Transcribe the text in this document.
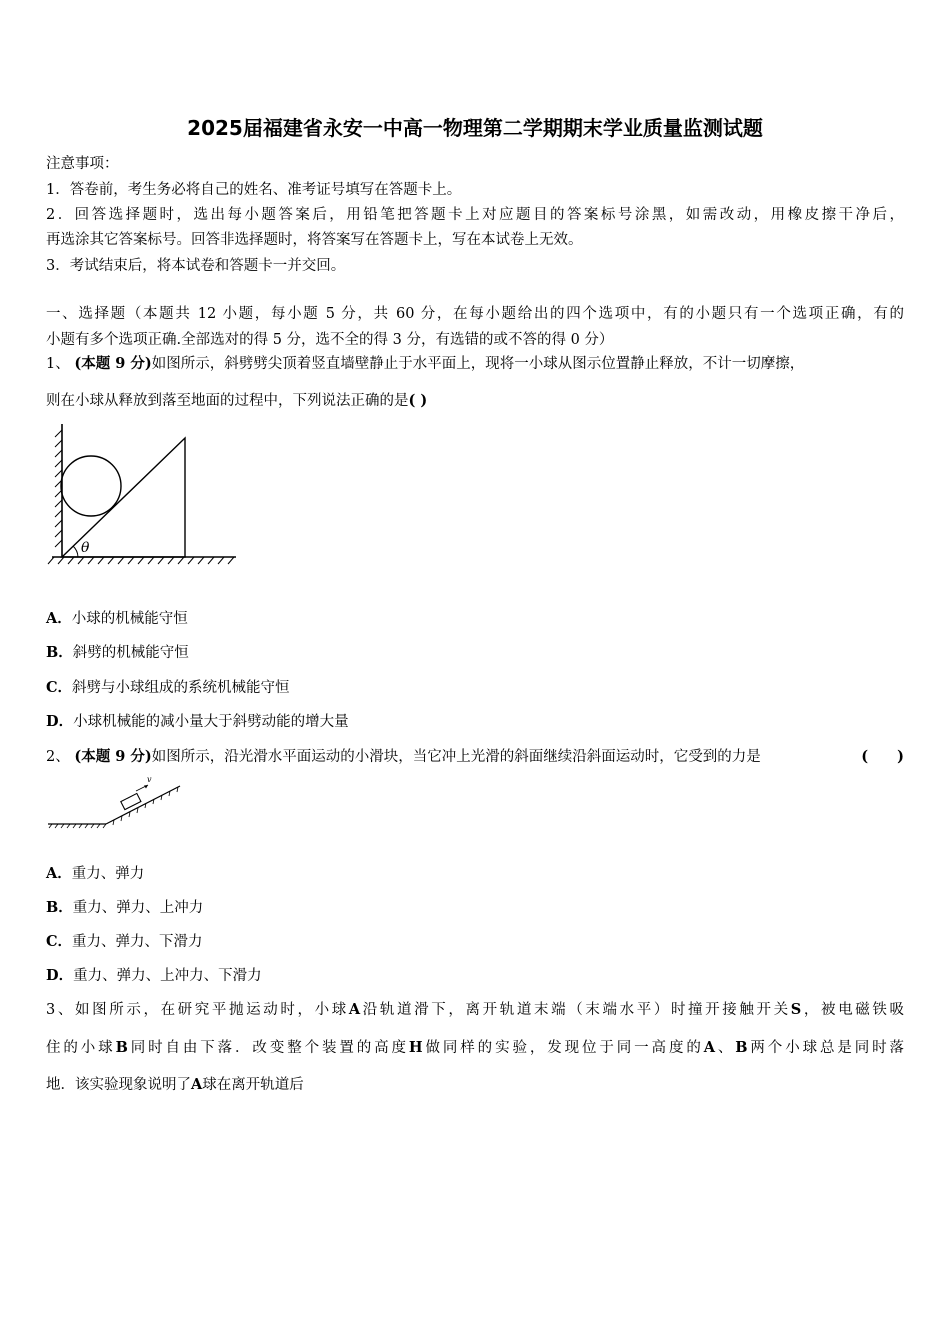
2025届福建省永安一中高一物理第二学期期末学业质量监测试题
注意事项：
1．答卷前，考生务必将自己的姓名、准考证号填写在答题卡上。
2．回答选择题时，选出每小题答案后，用铅笔把答题卡上对应题目的答案标号涂黑，如需改动，用橡皮擦干净后，
再选涂其它答案标号。回答非选择题时，将答案写在答题卡上，写在本试卷上无效。
3．考试结束后，将本试卷和答题卡一并交回。
一、选择题（本题共 12 小题，每小题 5 分，共 60 分，在每小题给出的四个选项中，有的小题只有一个选项正确，有的
小题有多个选项正确.全部选对的得 5 分，选不全的得 3 分，有选错的或不答的得 0 分）
1、 (本题 9 分)如图所示，斜劈劈尖顶着竖直墙壁静止于水平面上，现将一小球从图示位置静止释放，不计一切摩擦，
则在小球从释放到落至地面的过程中，下列说法正确的是( )
θ
A．小球的机械能守恒
B．斜劈的机械能守恒
C．斜劈与小球组成的系统机械能守恒
D．小球机械能的减小量大于斜劈动能的增大量
2、 (本题 9 分)如图所示，沿光滑水平面运动的小滑块，当它冲上光滑的斜面继续沿斜面运动时，它受到的力是	(　　)
v
A．重力、弹力
B．重力、弹力、上冲力
C．重力、弹力、下滑力
D．重力、弹力、上冲力、下滑力
3、如图所示，在研究平抛运动时，小球A沿轨道滑下，离开轨道末端（末端水平）时撞开接触开关S，被电磁铁吸
住的小球B同时自由下落．改变整个装置的高度H做同样的实验，发现位于同一高度的A、B两个小球总是同时落
地．该实验现象说明了A球在离开轨道后
